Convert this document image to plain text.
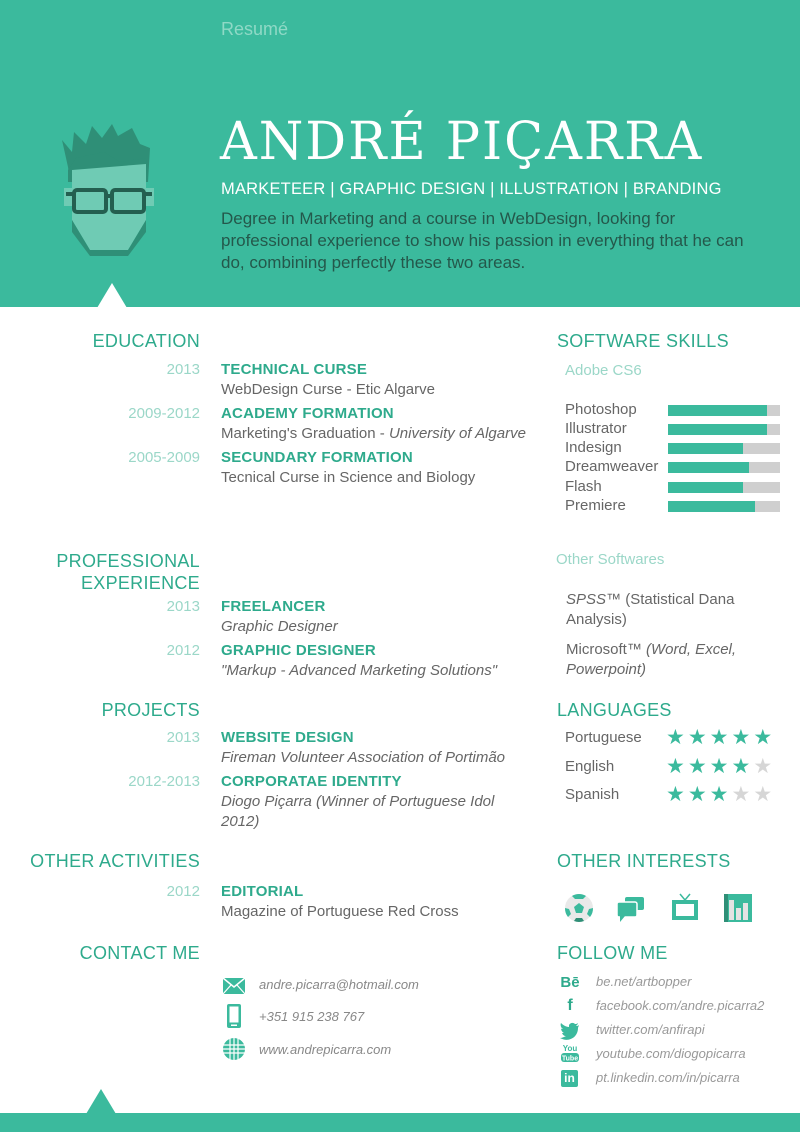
Resumé
ANDRÉ PIÇARRA
MARKETEER | GRAPHIC DESIGN | ILLUSTRATION | BRANDING

Degree in Marketing and a course in WebDesign, looking for professional experience to show his passion in everything that he can do, combining perfectly these two areas.

EDUCATION
2013 TECHNICAL CURSE
WebDesign Curse - Etic Algarve
2009-2012 ACADEMY FORMATION
Marketing's Graduation - University of Algarve
2005-2009 SECUNDARY FORMATION
Tecnical Curse in Science and Biology
PROFESSIONAL
EXPERIENCE
2013 FREELANCER
Graphic Designer
2012 GRAPHIC DESIGNER
"Markup - Advanced Marketing Solutions"
PROJECTS
2013 WEBSITE DESIGN
Fireman Volunteer Association of Portimão
2012-2013 CORPORATAE IDENTITY
Diogo Piçarra (Winner of Portuguese Idol 2012)
OTHER ACTIVITIES
2012 EDITORIAL
Magazine of Portuguese Red Cross
CONTACT ME
andre.picarra@hotmail.com
+351 915 238 767
www.andrepicarra.com
SOFTWARE SKILLS
Adobe CS6
Photoshop
Illustrator
Indesign
Dreamweaver
Flash
Premiere
Other Softwares
SPSS™ (Statistical Dana Analysis)
Microsoft™ (Word, Excel, Powerpoint)
LANGUAGES
Portuguese ★★★★★
English ★★★★★
Spanish ★★★★★
OTHER INTERESTS
FOLLOW ME
Bē be.net/artbopper
f	facebook.com/andre.picarra2
twitter.com/anfirapi
You
Tube youtube.com/diogopicarra
in pt.linkedin.com/in/picarra
